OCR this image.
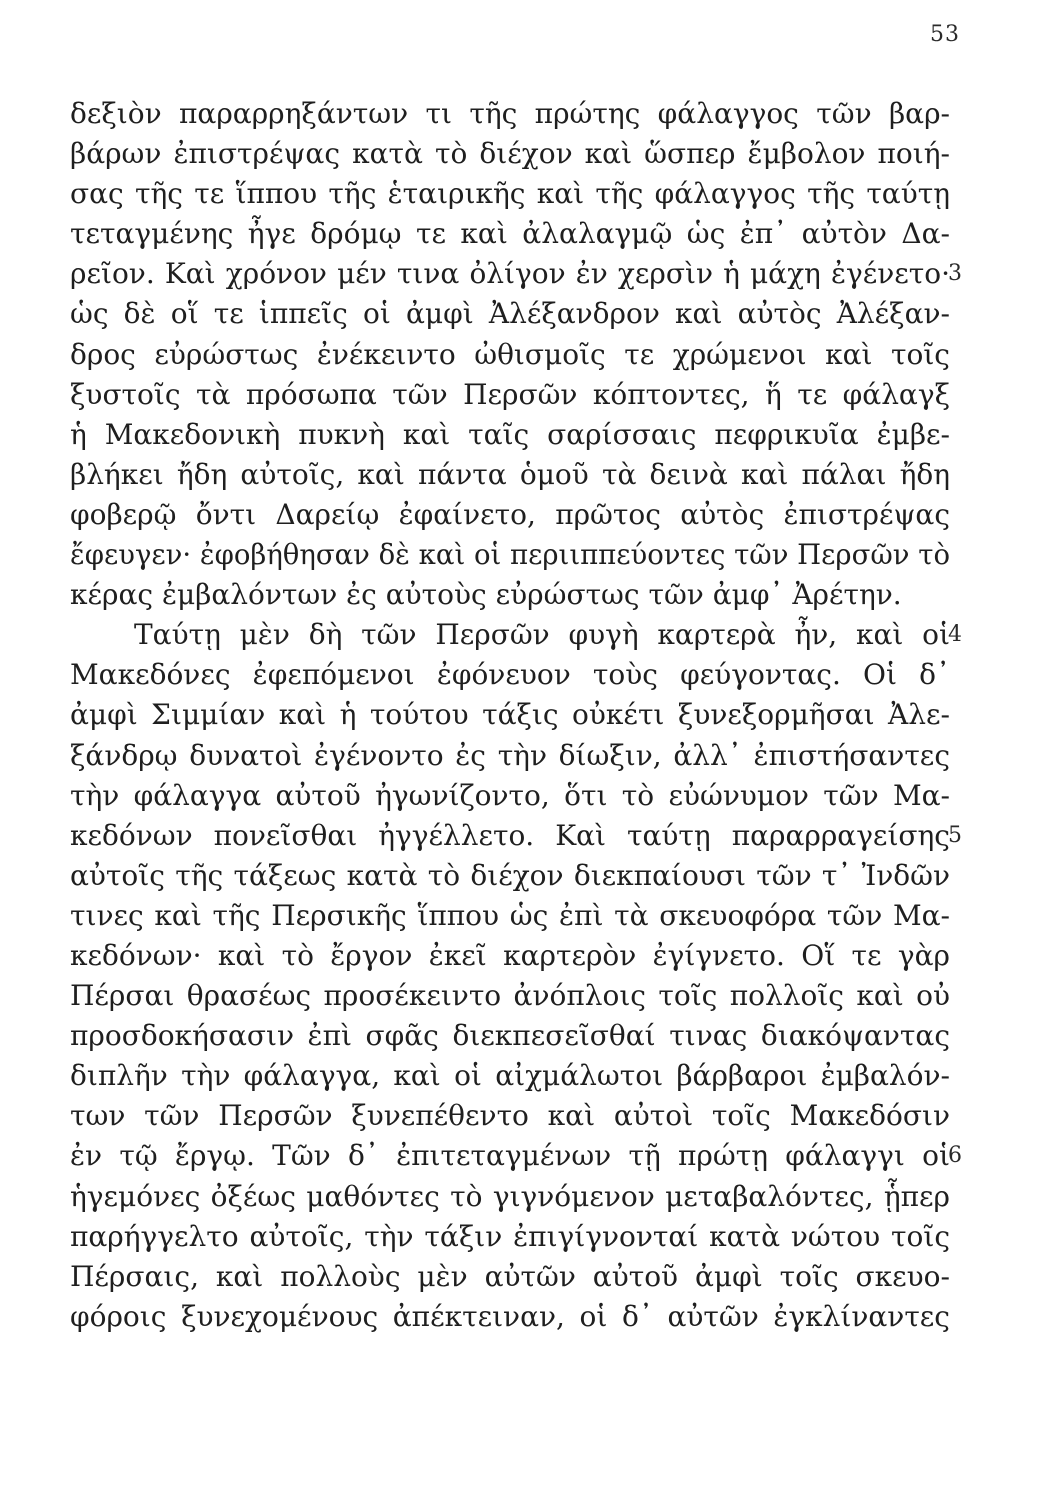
53
δεξιὸν παραρρηξάντων τι τῆς πρώτης φάλαγγος τῶν βαρ-
βάρων ἐπιστρέψας κατὰ τὸ διέχον καὶ ὥσπερ ἔμβολον ποιή-
σας τῆς τε ἵππου τῆς ἑταιρικῆς καὶ τῆς φάλαγγος τῆς ταύτῃ
τεταγμένης ἦγε δρόμῳ τε καὶ ἀλαλαγμῷ ὡς ἐπ᾽ αὐτὸν Δα-
ρεῖον. Καὶ χρόνον μέν τινα ὀλίγον ἐν χερσὶν ἡ μάχη ἐγένετο·
3
ὡς δὲ οἵ τε ἱππεῖς οἱ ἀμφὶ Ἀλέξανδρον καὶ αὐτὸς Ἀλέξαν-
δρος εὐρώστως ἐνέκειντο ὠθισμοῖς τε χρώμενοι καὶ τοῖς
ξυστοῖς τὰ πρόσωπα τῶν Περσῶν κόπτοντες, ἥ τε φάλαγξ
ἡ Μακεδονικὴ πυκνὴ καὶ ταῖς σαρίσσαις πεφρικυῖα ἐμβε-
βλήκει ἤδη αὐτοῖς, καὶ πάντα ὁμοῦ τὰ δεινὰ καὶ πάλαι ἤδη
φοβερῷ ὄντι Δαρείῳ ἐφαίνετο, πρῶτος αὐτὸς ἐπιστρέψας
ἔφευγεν· ἐφοβήθησαν δὲ καὶ οἱ περιιππεύοντες τῶν Περσῶν τὸ
κέρας ἐμβαλόντων ἐς αὐτοὺς εὐρώστως τῶν ἀμφ᾽ Ἀρέτην.
Ταύτῃ μὲν δὴ τῶν Περσῶν φυγὴ καρτερὰ ἦν, καὶ οἱ
4
Μακεδόνες ἐφεπόμενοι ἐφόνευον τοὺς φεύγοντας. Οἱ δ᾽
ἀμφὶ Σιμμίαν καὶ ἡ τούτου τάξις οὐκέτι ξυνεξορμῆσαι Ἀλε-
ξάνδρῳ δυνατοὶ ἐγένοντο ἐς τὴν δίωξιν, ἀλλ᾽ ἐπιστήσαντες
τὴν φάλαγγα αὐτοῦ ἠγωνίζοντο, ὅτι τὸ εὐώνυμον τῶν Μα-
κεδόνων πονεῖσθαι ἠγγέλλετο. Καὶ ταύτῃ παραρραγείσης
5
αὐτοῖς τῆς τάξεως κατὰ τὸ διέχον διεκπαίουσι τῶν τ᾽ Ἰνδῶν
τινες καὶ τῆς Περσικῆς ἵππου ὡς ἐπὶ τὰ σκευοφόρα τῶν Μα-
κεδόνων· καὶ τὸ ἔργον ἐκεῖ καρτερὸν ἐγίγνετο. Οἵ τε γὰρ
Πέρσαι θρασέως προσέκειντο ἀνόπλοις τοῖς πολλοῖς καὶ οὐ
προσδοκήσασιν ἐπὶ σφᾶς διεκπεσεῖσθαί τινας διακόψαντας
διπλῆν τὴν φάλαγγα, καὶ οἱ αἰχμάλωτοι βάρβαροι ἐμβαλόν-
των τῶν Περσῶν ξυνεπέθεντο καὶ αὐτοὶ τοῖς Μακεδόσιν
ἐν τῷ ἔργῳ. Τῶν δ᾽ ἐπιτεταγμένων τῇ πρώτῃ φάλαγγι οἱ
6
ἡγεμόνες ὀξέως μαθόντες τὸ γιγνόμενον μεταβαλόντες, ᾗπερ
παρήγγελτο αὐτοῖς, τὴν τάξιν ἐπιγίγνονταί κατὰ νώτου τοῖς
Πέρσαις, καὶ πολλοὺς μὲν αὐτῶν αὐτοῦ ἀμφὶ τοῖς σκευο-
φόροις ξυνεχομένους ἀπέκτειναν, οἱ δ᾽ αὐτῶν ἐγκλίναντες
